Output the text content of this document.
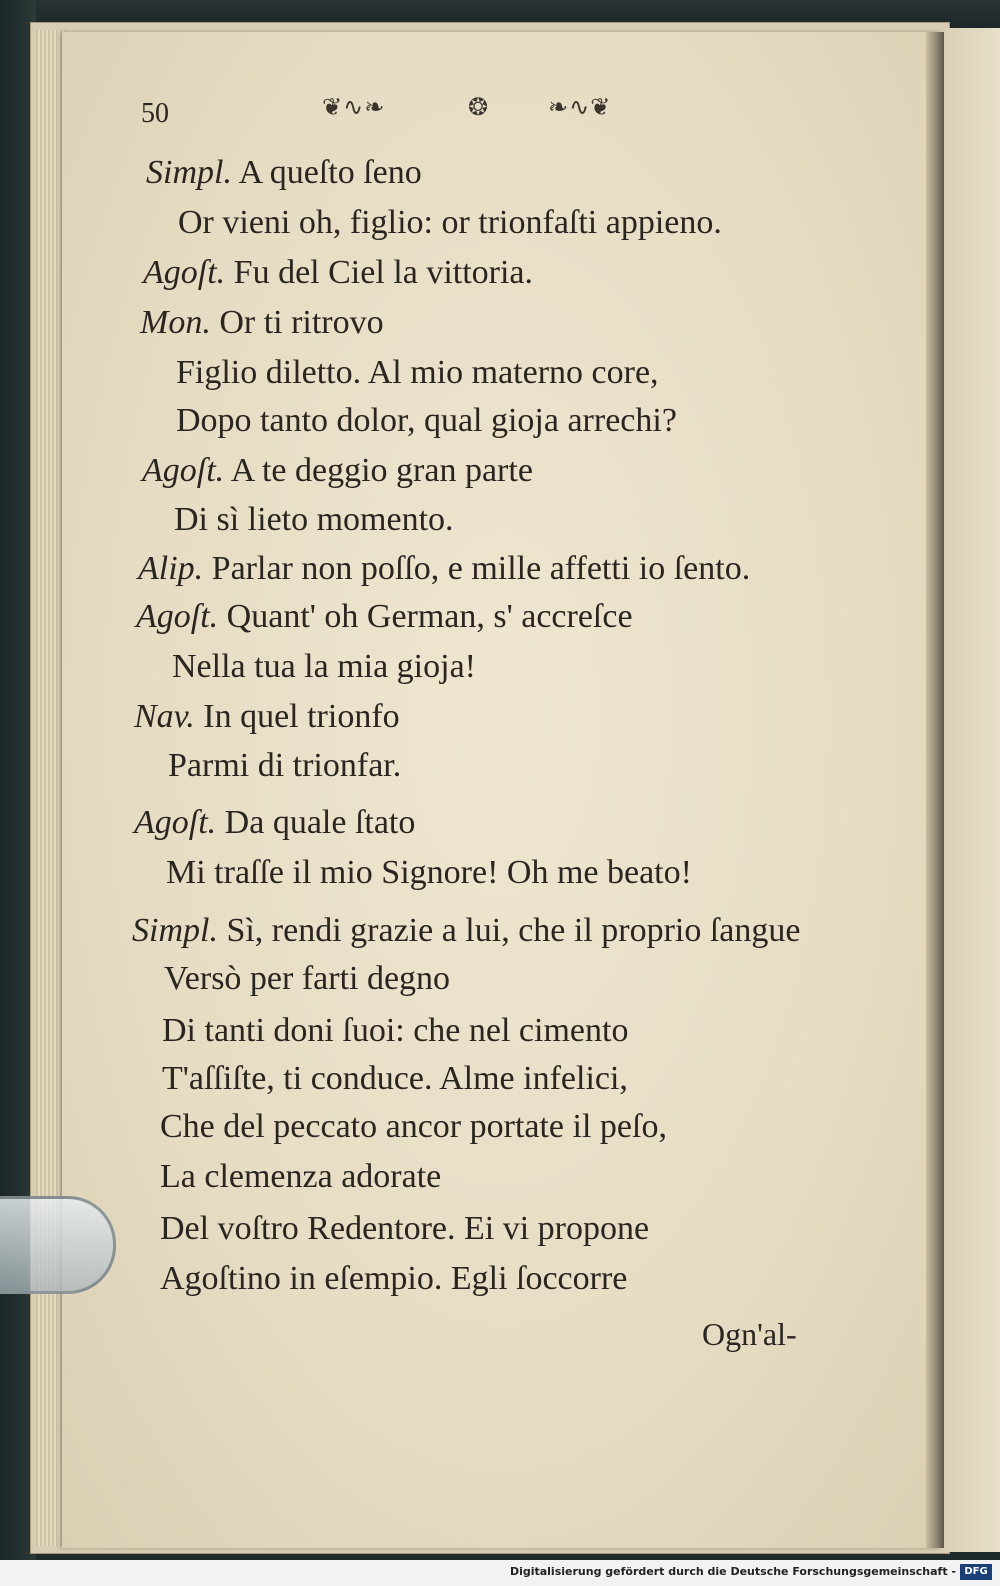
50	❦∿❧	❂ ❧∿❦
Simpl. A queſto ſeno
Or vieni oh, figlio: or trionfaſti appieno.
Agoſt. Fu del Ciel la vittoria.
Mon. Or ti ritrovo
Figlio diletto. Al mio materno core,
Dopo tanto dolor, qual gioja arrechi?
Agoſt. A te deggio gran parte
Di sì lieto momento.
Alip. Parlar non poſſo, e mille affetti io ſento.
Agoſt. Quant' oh German, s' accreſce
Nella tua la mia gioja!
Nav. In quel trionfo
Parmi di trionfar.
Agoſt. Da quale ſtato
Mi traſſe il mio Signore! Oh me beato!
Simpl. Sì, rendi grazie a lui, che il proprio ſangue
Versò per farti degno
Di tanti doni ſuoi: che nel cimento
T'aſſiſte, ti conduce. Alme infelici,
Che del peccato ancor portate il peſo,
La clemenza adorate
Del voſtro Redentore. Ei vi propone
Agoſtino in eſempio. Egli ſoccorre
Ogn'al-
Digitalisierung gefördert durch die Deutsche Forschungsgemeinschaft - DFG
